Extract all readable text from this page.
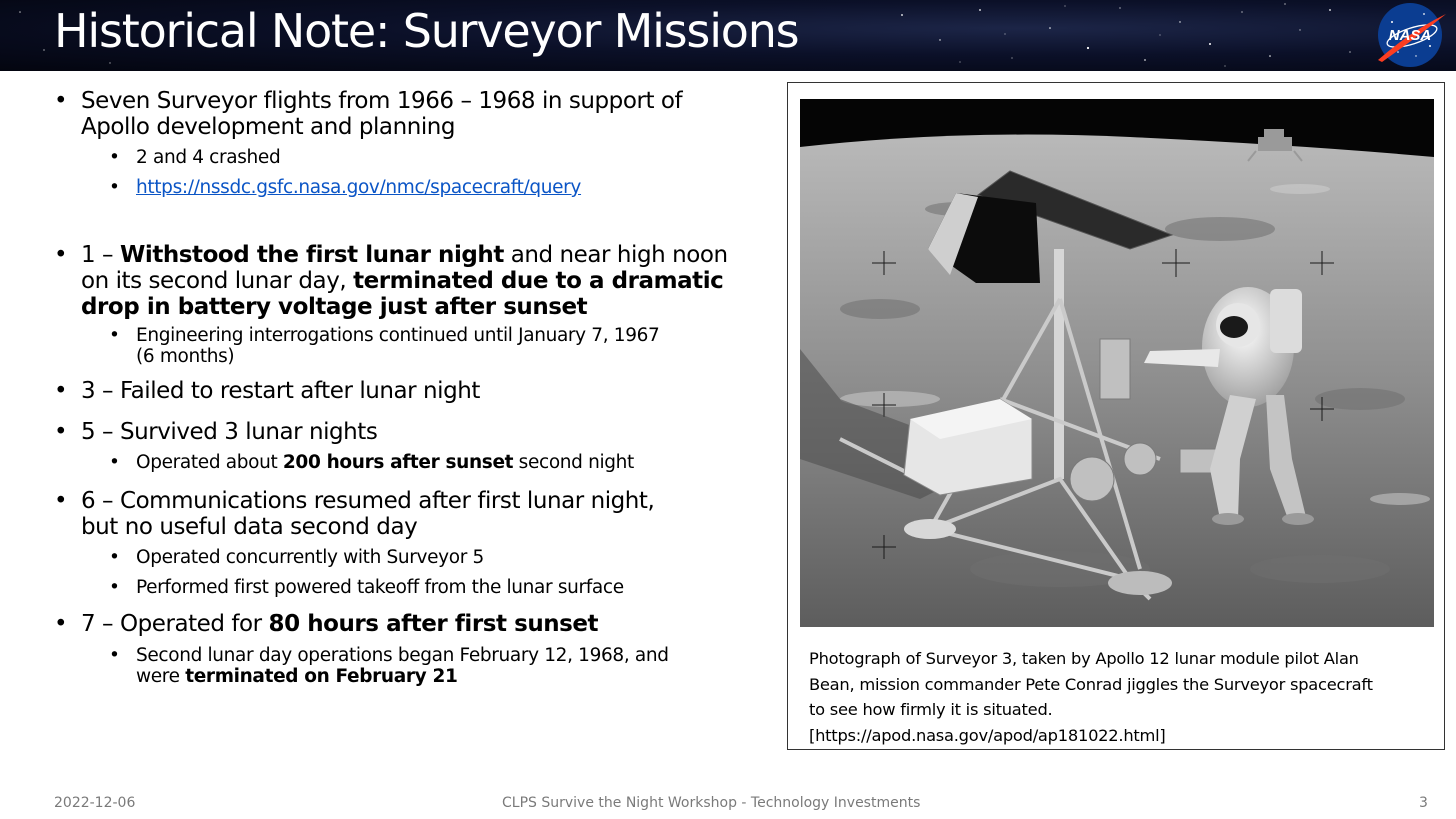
Historical Note: Surveyor Missions	NASA
• Seven Surveyor flights from 1966 – 1968 in support of
Apollo development and planning
• 2 and 4 crashed
• https://nssdc.gsfc.nasa.gov/nmc/spacecraft/query
• 1 – Withstood the first lunar night and near high noon
on its second lunar day, terminated due to a dramatic
drop in battery voltage just after sunset
• Engineering interrogations continued until January 7, 1967
(6 months)
• 3 – Failed to restart after lunar night
• 5 – Survived 3 lunar nights
• Operated about 200 hours after sunset second night
• 6 – Communications resumed after first lunar night,
but no useful data second day
• Operated concurrently with Surveyor 5
• Performed first powered takeoff from the lunar surface
• 7 – Operated for 80 hours after first sunset
• Second lunar day operations began February 12, 1968, and
were terminated on February 21
Photograph of Surveyor 3, taken by Apollo 12 lunar module pilot Alan
Bean, mission commander Pete Conrad jiggles the Surveyor spacecraft
to see how firmly it is situated.
[https://apod.nasa.gov/apod/ap181022.html]
2022-12-06	CLPS Survive the Night Workshop - Technology Investments	3
